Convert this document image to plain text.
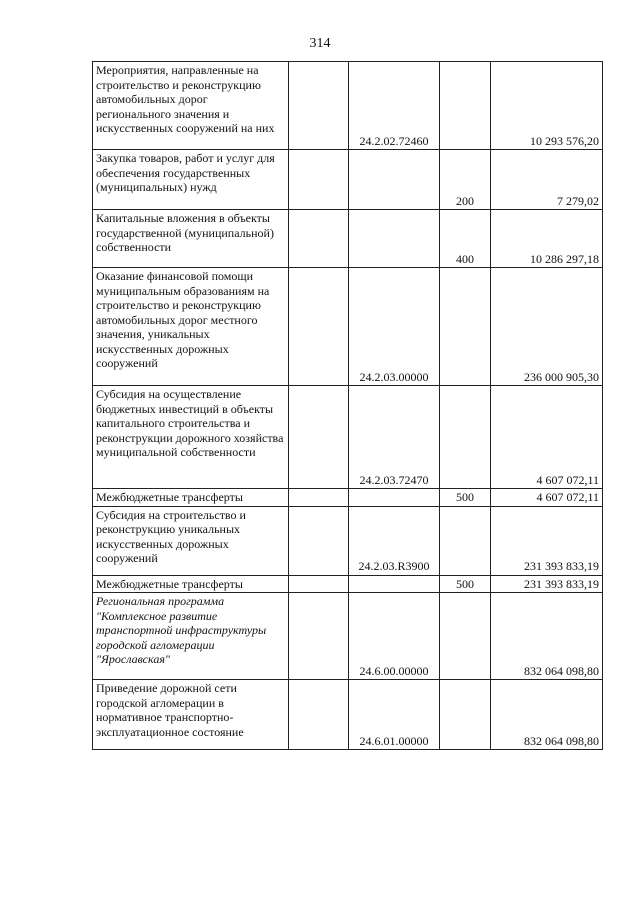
314
Мероприятия, направленные на строительство и реконструкцию автомобильных дорог регионального значения и искусственных сооружений на них		24.2.02.72460		10 293 576,20
Закупка товаров, работ и услуг для обеспечения государственных (муниципальных) нужд			200	7 279,02
Капитальные вложения в объекты государственной (муниципальной) собственности			400	10 286 297,18
Оказание финансовой помощи муниципальным образованиям на строительство и реконструкцию автомобильных дорог местного значения, уникальных искусственных дорожных сооружений		24.2.03.00000		236 000 905,30
Субсидия на осуществление бюджетных инвестиций в объекты капитального строительства и реконструкции дорожного хозяйства муниципальной собственности		24.2.03.72470		4 607 072,11
Межбюджетные трансферты			500	4 607 072,11
Субсидия на строительство и реконструкцию уникальных искусственных дорожных сооружений		24.2.03.R3900		231 393 833,19
Межбюджетные трансферты			500	231 393 833,19
Региональная программа "Комплексное развитие транспортной инфраструктуры городской агломерации "Ярославская"		24.6.00.00000		832 064 098,80
Приведение дорожной сети городской агломерации в нормативное транспортно-эксплуатационное состояние		24.6.01.00000		832 064 098,80
